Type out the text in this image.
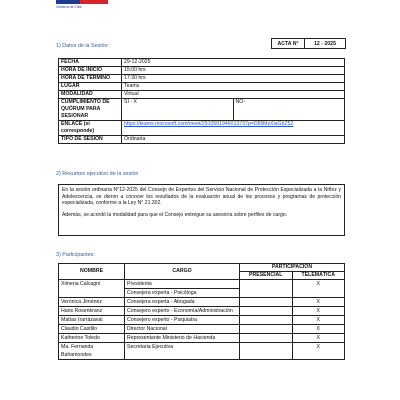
Gobierno de Chile
ACTA N°	12 - 2025
1) Datos de la Sesión:
FECHA	29-12-2025
HORA DE INICIO	15:00 hrs
HORA DE TÉRMINO	17:30 hrs
LUGAR	Teams
MODALIDAD	Virtual
CUMPLIMIENTO DE QUÓRUM PARA SESIONAR	SI - X NO-

ENLACE (si corresponde)	https://teams.microsoft.com/meet/2910501946013737p=D8IlMzXlaGbZ52
TIPO DE SESIÓN	Ordinaria
2) Resumen ejecutivo de la sesión

En la sesión ordinaria N°12-2025 del Consejo de Expertos del Servicio Nacional de Protección Especializada a la Niñez y Adolescencia, se dieron a conocer los resultados de la evaluación anual de los procesos y programas de protección especializada, conforme a la Ley N° 21.302.

Además, se acordó la modalidad para que el Consejo entregue su asesoría sobre perfiles de cargo.

3) Participantes:
NOMBRE	CARGO	PARTICIPACIÓN	
		PRESENCIAL	TELEMÁTICA
Ximena Calcagni	Presidenta		X
	Consejera experta - Psicóloga		
Verónica Jiménez	Consejera experta - Abogada		X
Hans Rosenkranz	Consejero experto - Economía/Administración		X
Matías Irarrázaval	Consejero experto - Psiquiatra		X
Claudio Castillo	Director Nacional		X
Katherine Toledo	Representante Ministerio de Hacienda		X
Ma. Fernanda Bahamondes	Secretaria Ejecutiva		X
